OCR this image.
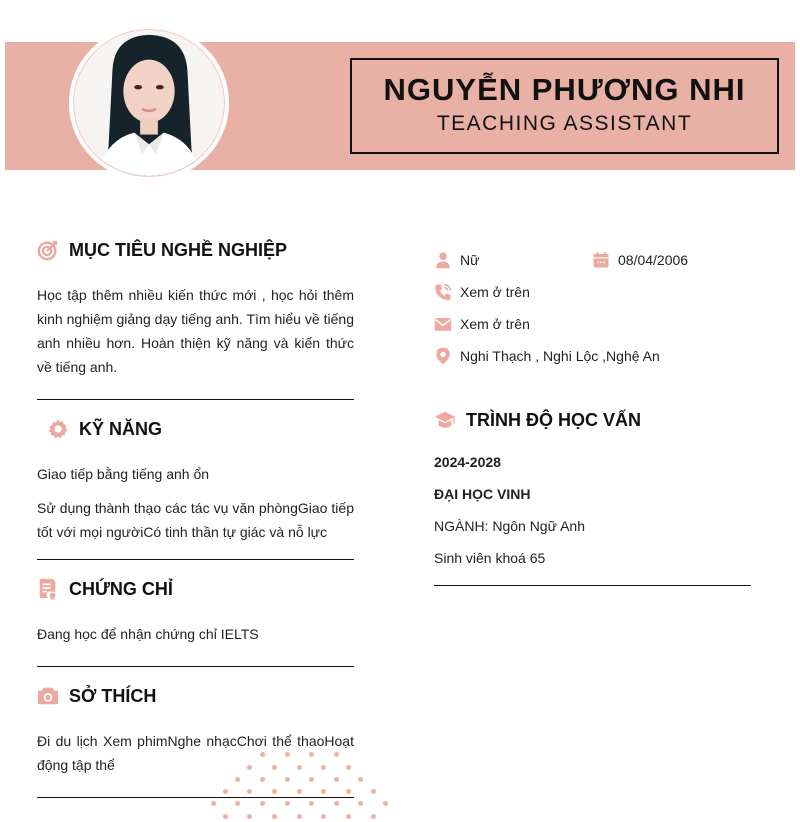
NGUYỄN PHƯƠNG NHI
TEACHING ASSISTANT
MỤC TIÊU NGHỀ NGHIỆP
Học tập thêm nhiều kiến thức mới , học hỏi thêm kinh nghiệm giảng dạy tiếng anh. Tìm hiểu về tiếng anh nhiều hơn. Hoàn thiện kỹ năng và kiến thức về tiếng anh.
KỸ NĂNG
Giao tiếp bằng tiếng anh ổn
Sử dụng thành thạo các tác vụ văn phòngGiao tiếp tốt với mọi ngườiCó tinh thần tự giác và nỗ lực
CHỨNG CHỈ
Đang học để nhận chứng chỉ IELTS
SỞ THÍCH
Đi du lịch Xem phimNghe nhạcChơi thể thaoHoạt động tập thể
Nữ	08/04/2006
Xem ở trên
Xem ở trên
Nghi Thạch , Nghi Lộc ,Nghệ An
TRÌNH ĐỘ HỌC VẤN
2024-2028
ĐẠI HỌC VINH
NGÀNH: Ngôn Ngữ Anh
Sinh viên khoá 65
